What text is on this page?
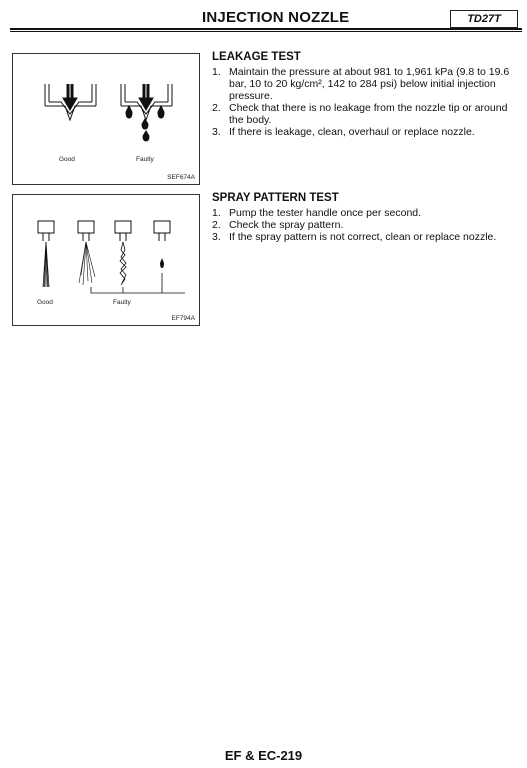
INJECTION NOZZLE	TD27T
Good	Faulty
SEF674A
Good	Faulty
EF794A
LEAKAGE TEST
1. Maintain the pressure at about 981 to 1,961 kPa (9.8 to 19.6 bar, 10 to 20 kg/cm², 142 to 284 psi) below initial injection pressure.
2. Check that there is no leakage from the nozzle tip or around the body.
3. If there is leakage, clean, overhaul or replace nozzle.
SPRAY PATTERN TEST
1. Pump the tester handle once per second.
2. Check the spray pattern.
3. If the spray pattern is not correct, clean or replace nozzle.
EF & EC-219
